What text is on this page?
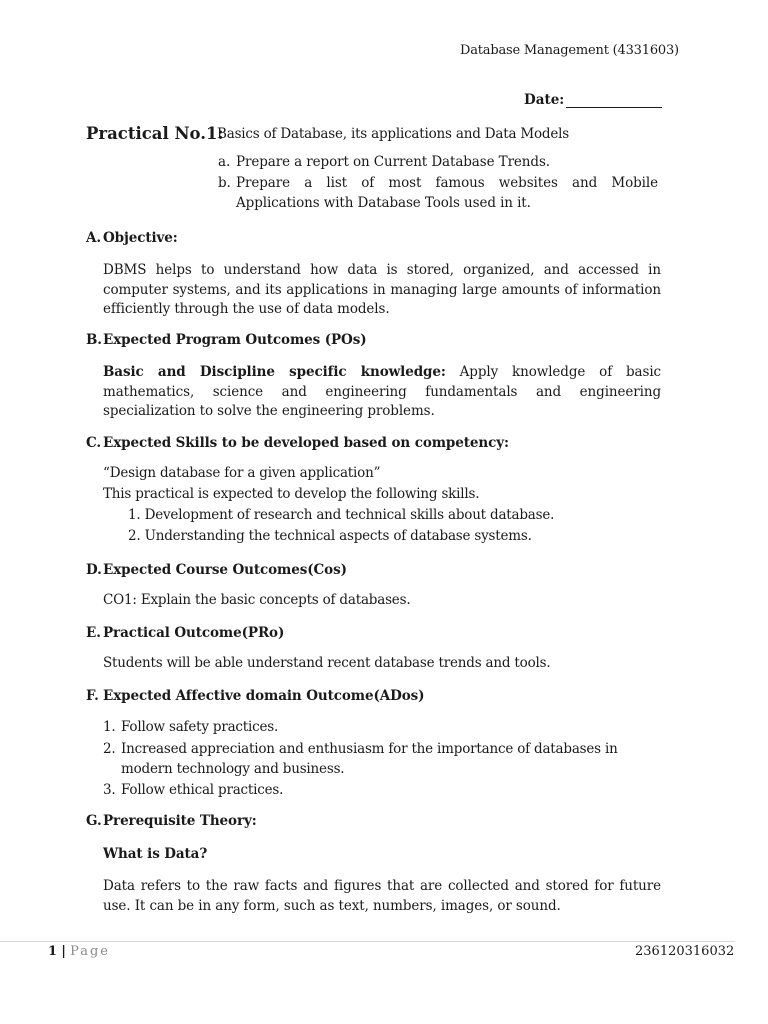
Database Management (4331603)
Date:
Practical No.1:
Basics of Database, its applications and Data Models
a. Prepare a report on Current Database Trends.
b. Prepare a list of most famous websites and Mobile Applications with Database Tools used in it.
A. Objective:
DBMS helps to understand how data is stored, organized, and accessed in computer systems, and its applications in managing large amounts of information efficiently through the use of data models.
B.Expected Program Outcomes (POs)
Basic and Discipline specific knowledge: Apply knowledge of basic mathematics, science and engineering fundamentals and engineering specialization to solve the engineering problems.
C. Expected Skills to be developed based on competency:
“Design database for a given application”
This practical is expected to develop the following skills.
1. Development of research and technical skills about database.
2. Understanding the technical aspects of database systems.
D.Expected Course Outcomes(Cos)
CO1: Explain the basic concepts of databases.
E. Practical Outcome(PRo)
Students will be able understand recent database trends and tools.
F. Expected Affective domain Outcome(ADos)
1. Follow safety practices.
2. Increased appreciation and enthusiasm for the importance of databases in modern technology and business.
3. Follow ethical practices.
G.Prerequisite Theory:
What is Data?
Data refers to the raw facts and figures that are collected and stored for future use. It can be in any form, such as text, numbers, images, or sound.
1 | Page	236120316032
